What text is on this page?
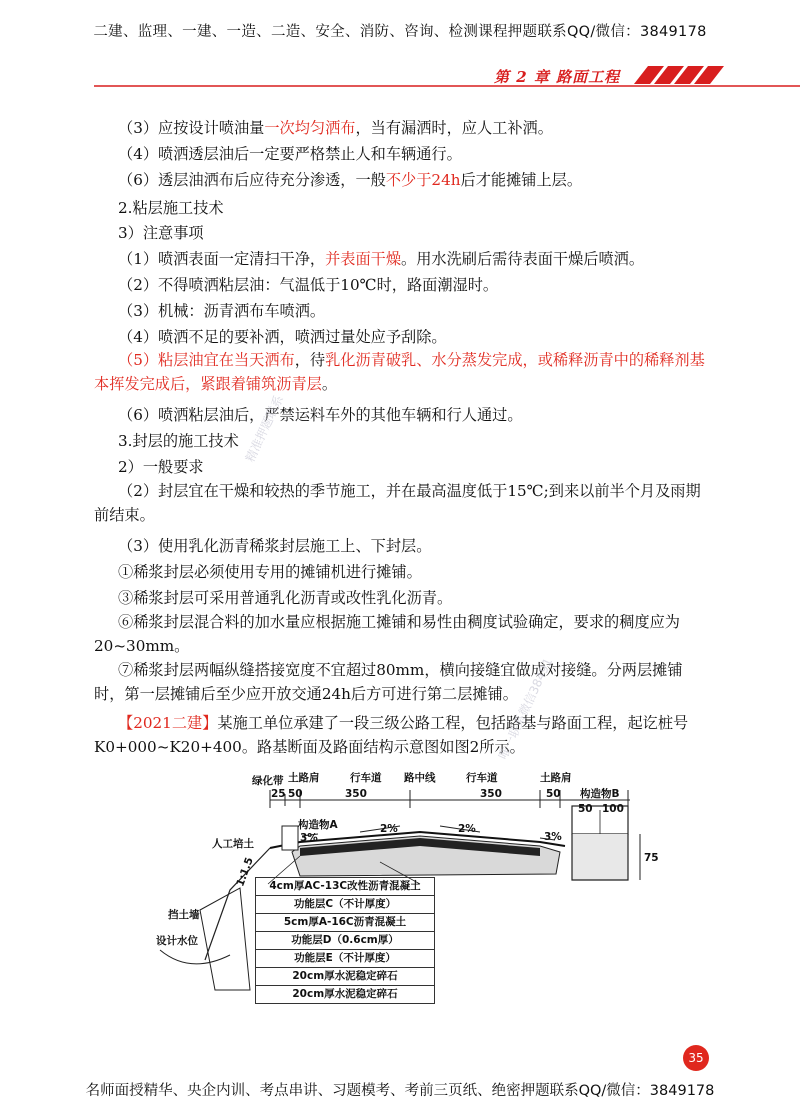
二建、监理、一建、一造、二造、安全、消防、咨询、检测课程押题联系QQ/微信：3849178
第 2 章 路面工程
（3）应按设计喷油量一次均匀洒布，当有漏洒时，应人工补洒。
（4）喷洒透层油后一定要严格禁止人和车辆通行。
（6）透层油洒布后应待充分渗透，一般不少于24h后才能摊铺上层。
2.粘层施工技术
3）注意事项
（1）喷洒表面一定清扫干净，并表面干燥。用水洗刷后需待表面干燥后喷洒。
（2）不得喷洒粘层油：气温低于10℃时，路面潮湿时。
（3）机械：沥青洒布车喷洒。
（4）喷洒不足的要补洒，喷洒过量处应予刮除。
（5）粘层油宜在当天洒布，待乳化沥青破乳、水分蒸发完成，或稀释沥青中的稀释剂基本挥发完成后，紧跟着铺筑沥青层。
（6）喷洒粘层油后，严禁运料车外的其他车辆和行人通过。
3.封层的施工技术
2）一般要求
（2）封层宜在干燥和较热的季节施工，并在最高温度低于15℃;到来以前半个月及雨期前结束。
（3）使用乳化沥青稀浆封层施工上、下封层。
①稀浆封层必须使用专用的摊铺机进行摊铺。
③稀浆封层可采用普通乳化沥青或改性乳化沥青。
⑥稀浆封层混合料的加水量应根据施工摊铺和易性由稠度试验确定，要求的稠度应为20~30mm。
⑦稀浆封层两幅纵缝搭接宽度不宜超过80mm，横向接缝宜做成对接缝。分两层摊铺时，第一层摊铺后至少应开放交通24h后方可进行第二层摊铺。
【2021二建】某施工单位承建了一段三级公路工程，包括路基与路面工程，起讫桩号K0+000~K20+400。路基断面及路面结构示意图如图2所示。
绿化带 土路肩	行车道 路中线	行车道	土路肩
构造物B
25 50	350	350	50
50 100
75
人工培土
构造物A
1:1.5
挡土墙
设计水位
3%
2%	2%
3%
4cm厚AC-13C改性沥青混凝土
功能层C（不计厚度）
5cm厚A-16C沥青混凝土
功能层D（0.6cm厚）
功能层E（不计厚度）
20cm厚水泥稳定碎石
20cm厚水泥稳定碎石
精准押题联系
唯一联系微信38491
35
名师面授精华、央企内训、考点串讲、习题模考、考前三页纸、绝密押题联系QQ/微信：3849178
